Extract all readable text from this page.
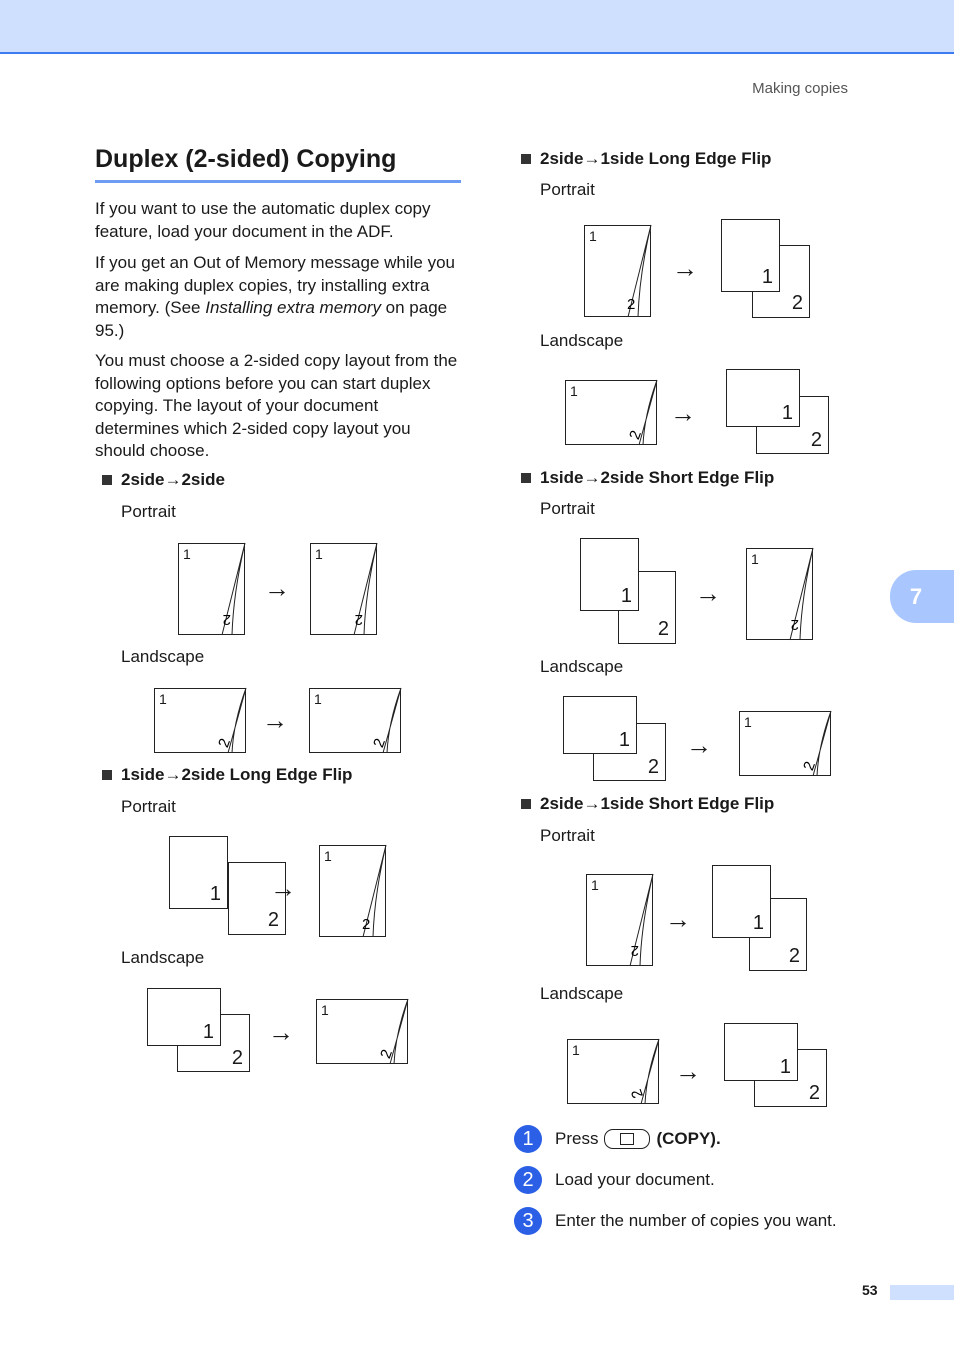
Making copies
7
Duplex (2-sided) Copying
If you want to use the automatic duplex copy feature, load your document in the ADF.
If you get an Out of Memory message while you are making duplex copies, try installing extra memory. (See Installing extra memory on page 95.)
You must choose a 2-sided copy layout from the following options before you can start duplex copying. The layout of your document determines which 2-sided copy layout you should choose.
2side→2side
Portrait
1
2
→
1
2
Landscape
1
2
→
1
2
1side→2side Long Edge Flip
Portrait
2
1 →
1
2
Landscape
2
1 →
1
2
2side→1side Long Edge Flip
Portrait
1
2
→
2
1
Landscape
1
2
→
2
1
1side→2side Short Edge Flip
Portrait
2
1 →
1
2
Landscape
2
1 →
1
2
2side→1side Short Edge Flip
Portrait
1
2
→
2
1
Landscape
1
2
→
2
1
1	Press	(COPY).
2	Load your document.
3	Enter the number of copies you want.
53
